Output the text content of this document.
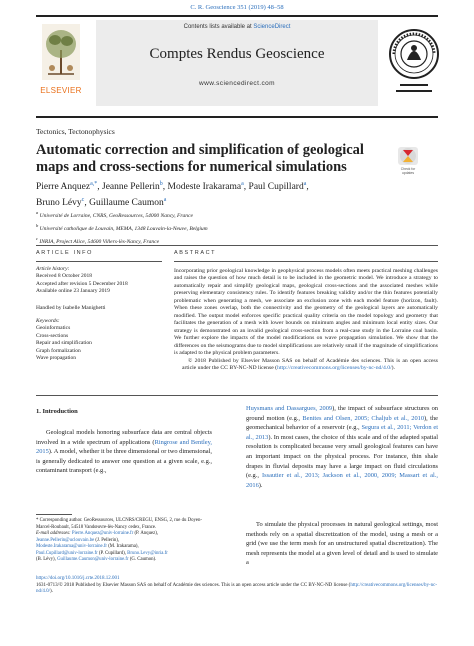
C. R. Geoscience 351 (2019) 48–58
ELSEVIER
Contents lists available at ScienceDirect
Comptes Rendus Geoscience
www.sciencedirect.com
Tectonics, Tectonophysics
Automatic correction and simplification of geological maps and cross-sections for numerical simulations	Check for
updates
Pierre Anquez$^{a,*}$, Jeanne Pellerin$^b$, Modeste Irakarama$^a$, Paul Cupillard$^a$,
Bruno Lévy$^c$, Guillaume Caumon$^a$
$^a$ Université de Lorraine, CNRS, GeoRessources, 54000 Nancy, France
$^b$ Université catholique de Louvain, MEMA, 1348 Louvain-la-Neuve, Belgium
$^c$ INRIA, Project Alice, 54600 Villers-lès-Nancy, France
ARTICLE INFO	ABSTRACT
Article history:
Received 8 October 2018
Accepted after revision 5 December 2018
Available online 23 January 2019
Handled by Isabelle Manighetti
Keywords:
Geoinformatics
Cross-sections
Repair and simplification
Graph formalization
Wave propagation
Incorporating prior geological knowledge in geophysical process models often meets practical meshing challenges and raises the question of how much detail is to be included in the geometric model. We introduce a strategy to automatically repair and simplify geological maps, geological cross-sections and the associated meshes while preserving elementary consistency rules. To identify features breaking validity and/or the thin features potentially problematic when generating a mesh, we associate an exclusion zone with each model feature (horizon, fault). When these zones overlap, both the connectivity and the geometry of the geological layers are automatically modified. The output model enforces specific practical quality criteria on the model topology and geometry that facilitates the generation of a mesh with lower bounds on minimum angles and minimum local entity sizes. Our strategy is demonstrated on an invalid geological cross-section from a real-case study in the Lorraine coal basin. We further explore the impacts of the model modifications on wave propagation simulation. We show that the differences on the seismograms due to model simplifications are relatively small if the magnitude of simplifications is adapted to the physical problem parameters.
© 2018 Published by Elsevier Masson SAS on behalf of Académie des sciences. This is an open access article under the CC BY-NC-ND license (http://creativecommons.org/licenses/by-nc-nd/4.0/).
1. Introduction
Geological models honoring subsurface data are central objects involved in a wide spectrum of applications (Ringrose and Bentley, 2015). A model, whether it be three dimensional or two dimensional, is generally dedicated to answer one question at a given scale, e.g., contaminant transport (e.g.,
Huysmans and Dassargues, 2009), the impact of subsurface structures on ground motion (e.g., Benites and Olsen, 2005; Chaljub et al., 2010), the geomechanical behavior of a reservoir (e.g., Segura et al., 2011; Verdon et al., 2013). In most cases, the choice of this scale and of the adapted spatial resolution is complicated because very small geological features can have an important impact on the physical process. For instance, thin shale drapes in fluvial deposits may have a large impact on fluid circulations (e.g., Issautier et al., 2013; Jackson et al., 2000, 2009; Massart et al., 2016).
To simulate the physical processes in natural geological settings, most methods rely on a spatial discretization of the model, using a mesh or a grid (we use the term mesh for an unstructured spatial discretization). The mesh represents the model at a given level of detail and is used to simulate a
* Corresponding author. GeoRessources, ULCNRS/CREGU, ENSG, 2, rue du Doyen-Marcel-Roubault, 54518 Vandœuvre-lès-Nancy cedex, France.
E-mail addresses: Pierre.Anquez@univ-lorraine.fr (P. Anquez),
Jeanne.Pellerin@uclouvain.be (J. Pellerin),
Modeste.Irakarama@univ-lorraine.fr (M. Irakarama),
Paul.Cupillard@univ-lorraine.fr (P. Cupillard), Bruno.Levy@inria.fr
(B. Lévy), Guillaume.Caumon@univ-lorraine.fr (G. Caumon).
https://doi.org/10.1016/j.crte.2018.12.001
1631-0713/© 2018 Published by Elsevier Masson SAS on behalf of Académie des sciences. This is an open access article under the CC BY-NC-ND license (http://creativecommons.org/licenses/by-nc-nd/4.0/).
